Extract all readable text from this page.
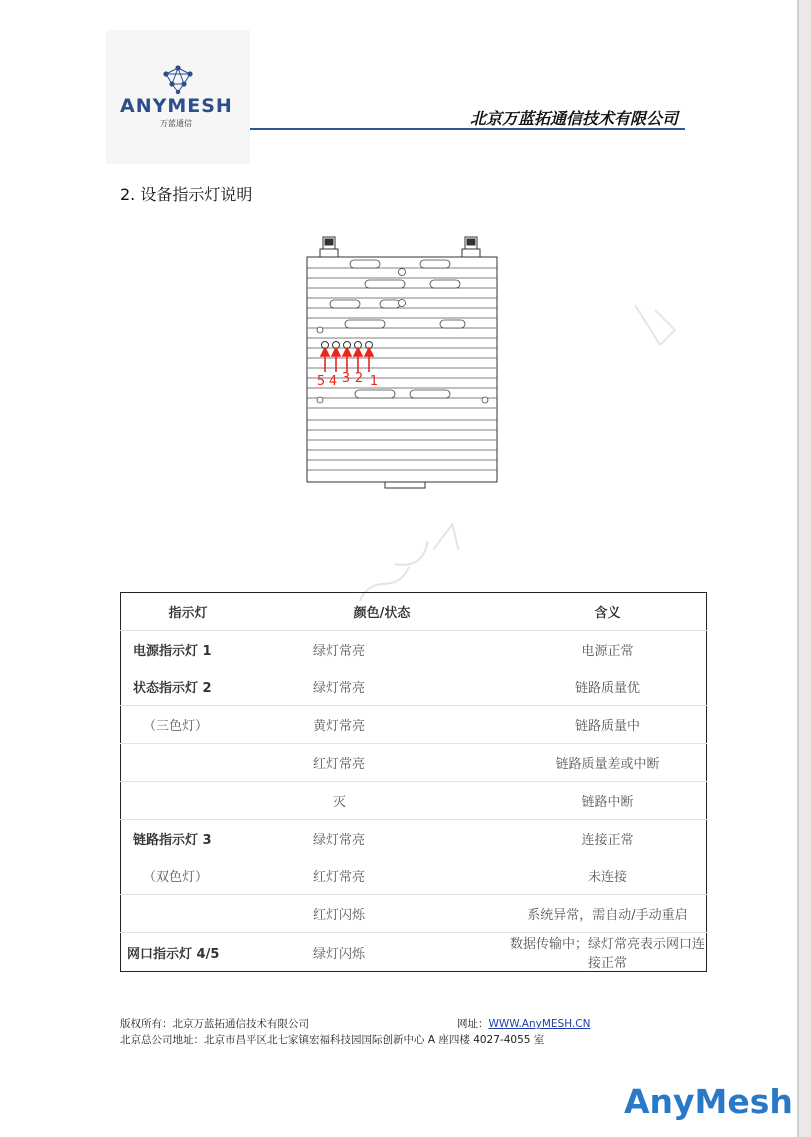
ANYMESH
万蓝通信	北京万蓝拓通信技术有限公司
2. 设备指示灯说明
5 4 3 2 1
指示灯	颜色/状态	含义
电源指示灯 1	绿灯常亮	电源正常
状态指示灯 2	绿灯常亮	链路质量优
（三色灯）	黄灯常亮	链路质量中
	红灯常亮	链路质量差或中断
	灭	链路中断
链路指示灯 3	绿灯常亮	连接正常
（双色灯）	红灯常亮	未连接
	红灯闪烁	系统异常，需自动/手动重启
网口指示灯 4/5	绿灯闪烁	数据传输中；绿灯常亮表示网口连接正常
版权所有：北京万蓝拓通信技术有限公司	网址：WWW.AnyMESH.CN
北京总公司地址：北京市昌平区北七家镇宏福科技园国际创新中心 A 座四楼 4027-4055 室
AnyMesh
